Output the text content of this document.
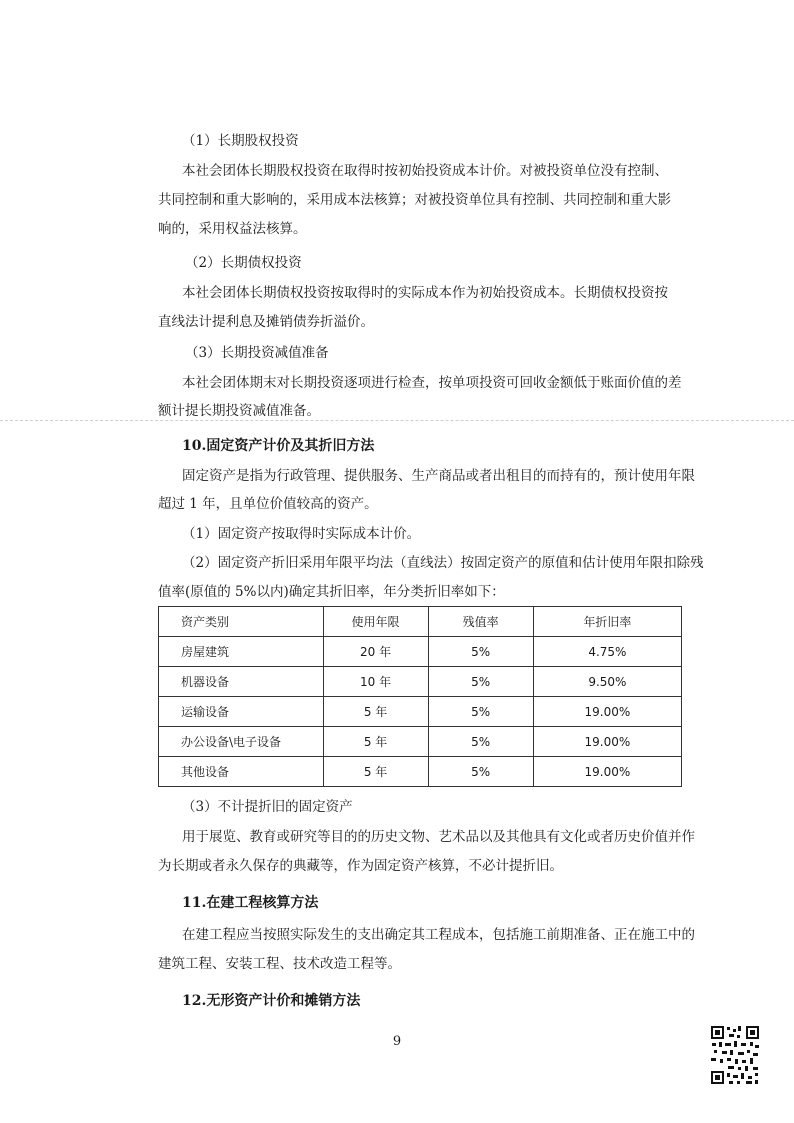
（1）长期股权投资
本社会团体长期股权投资在取得时按初始投资成本计价。对被投资单位没有控制、
共同控制和重大影响的，采用成本法核算；对被投资单位具有控制、共同控制和重大影
响的，采用权益法核算。
（2）长期债权投资
本社会团体长期债权投资按取得时的实际成本作为初始投资成本。长期债权投资按
直线法计提利息及摊销债券折溢价。
（3）长期投资减值准备
本社会团体期末对长期投资逐项进行检查，按单项投资可回收金额低于账面价值的差
额计提长期投资减值准备。
10.固定资产计价及其折旧方法
固定资产是指为行政管理、提供服务、生产商品或者出租目的而持有的，预计使用年限
超过 1 年，且单位价值较高的资产。
（1）固定资产按取得时实际成本计价。
（2）固定资产折旧采用年限平均法（直线法）按固定资产的原值和估计使用年限扣除残
值率(原值的 5%以内)确定其折旧率，年分类折旧率如下：
资产类别	使用年限	残值率	年折旧率
房屋建筑	20 年	5%	4.75%
机器设备	10 年	5%	9.50%
运输设备	5 年	5%	19.00%
办公设备\电子设备	5 年	5%	19.00%
其他设备	5 年	5%	19.00%
（3）不计提折旧的固定资产
用于展览、教育或研究等目的的历史文物、艺术品以及其他具有文化或者历史价值并作
为长期或者永久保存的典藏等，作为固定资产核算，不必计提折旧。
11.在建工程核算方法
在建工程应当按照实际发生的支出确定其工程成本，包括施工前期准备、正在施工中的
建筑工程、安装工程、技术改造工程等。
12.无形资产计价和摊销方法
9
